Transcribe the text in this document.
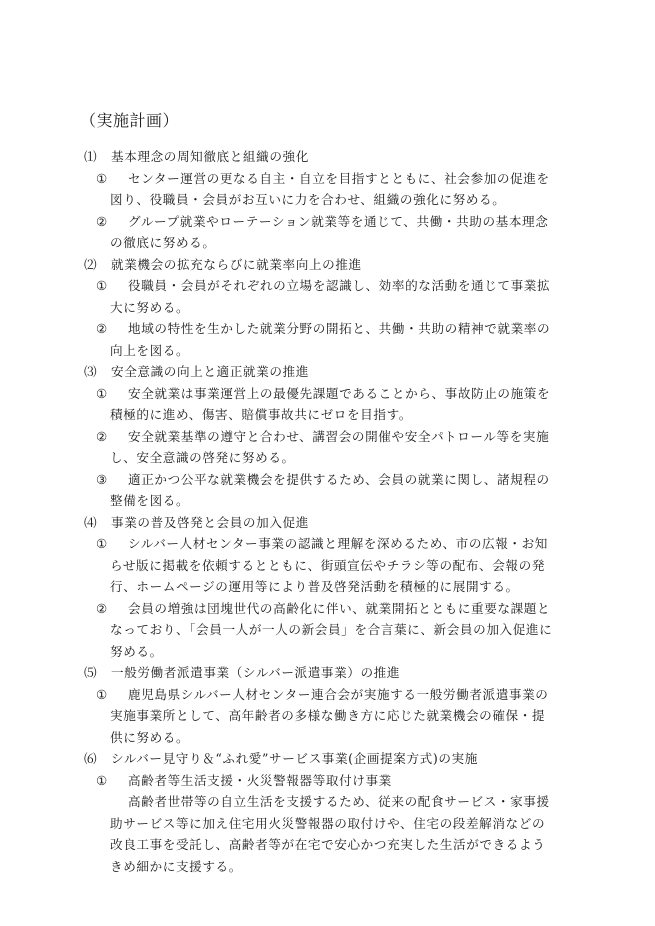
（実施計画）
⑴ 基本理念の周知徹底と組織の強化
① センター運営の更なる自主・自立を目指すとともに、社会参加の促進を
図り、役職員・会員がお互いに力を合わせ、組織の強化に努める。
② グループ就業やローテーション就業等を通じて、共働・共助の基本理念
の徹底に努める。
⑵ 就業機会の拡充ならびに就業率向上の推進
① 役職員・会員がそれぞれの立場を認識し、効率的な活動を通じて事業拡
大に努める。
② 地域の特性を生かした就業分野の開拓と、共働・共助の精神で就業率の
向上を図る。
⑶ 安全意識の向上と適正就業の推進
① 安全就業は事業運営上の最優先課題であることから、事故防止の施策を
積極的に進め、傷害、賠償事故共にゼロを目指す。
② 安全就業基準の遵守と合わせ、講習会の開催や安全パトロール等を実施
し、安全意識の啓発に努める。
③ 適正かつ公平な就業機会を提供するため、会員の就業に関し、諸規程の
整備を図る。
⑷ 事業の普及啓発と会員の加入促進
① シルバー人材センター事業の認識と理解を深めるため、市の広報・お知
らせ版に掲載を依頼するとともに、街頭宣伝やチラシ等の配布、会報の発
行、ホームページの運用等により普及啓発活動を積極的に展開する。
② 会員の増強は団塊世代の高齢化に伴い、就業開拓とともに重要な課題と
なっており、「会員一人が一人の新会員」を合言葉に、新会員の加入促進に
努める。
⑸ 一般労働者派遣事業（シルバー派遣事業）の推進
① 鹿児島県シルバー人材センター連合会が実施する一般労働者派遣事業の
実施事業所として、高年齢者の多様な働き方に応じた就業機会の確保・提
供に努める。
⑹ シルバー見守り＆“ふれ愛”サービス事業(企画提案方式)の実施
① 高齢者等生活支援・火災警報器等取付け事業
高齢者世帯等の自立生活を支援するため、従来の配食サービス・家事援
助サービス等に加え住宅用火災警報器の取付けや、住宅の段差解消などの
改良工事を受託し、高齢者等が在宅で安心かつ充実した生活ができるよう
きめ細かに支援する。
